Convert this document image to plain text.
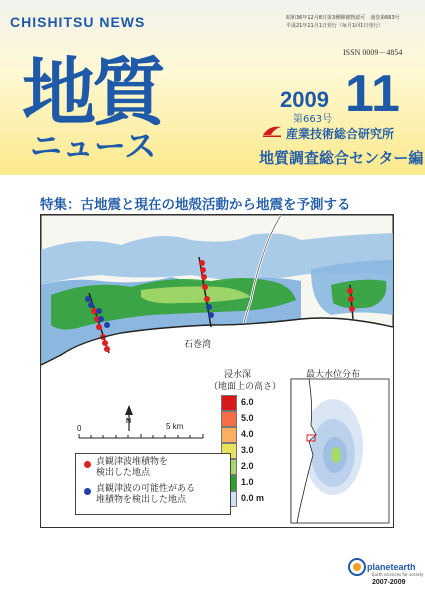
CHISHITSU NEWS	昭和36年12月8日第3種郵便物認可　通巻第663号
平成21年11月1日発行（毎月1回1日発行）
ISSN 0009－4854
地質
ニュース
2009 11
第663号
産業技術総合研究所
地質調査総合センター編
特集：古地震と現在の地殻活動から地震を予測する
N
0	5 km
石巻湾
浸水深
（地面上の高さ）
6.0
5.0
4.0
3.0
2.0
1.0
0.0 m
最大水位分布
貞観津波堆積物を
検出した地点
貞観津波の可能性がある
堆積物を検出した地点
planetearth
Earth sciences for society
2007-2009
